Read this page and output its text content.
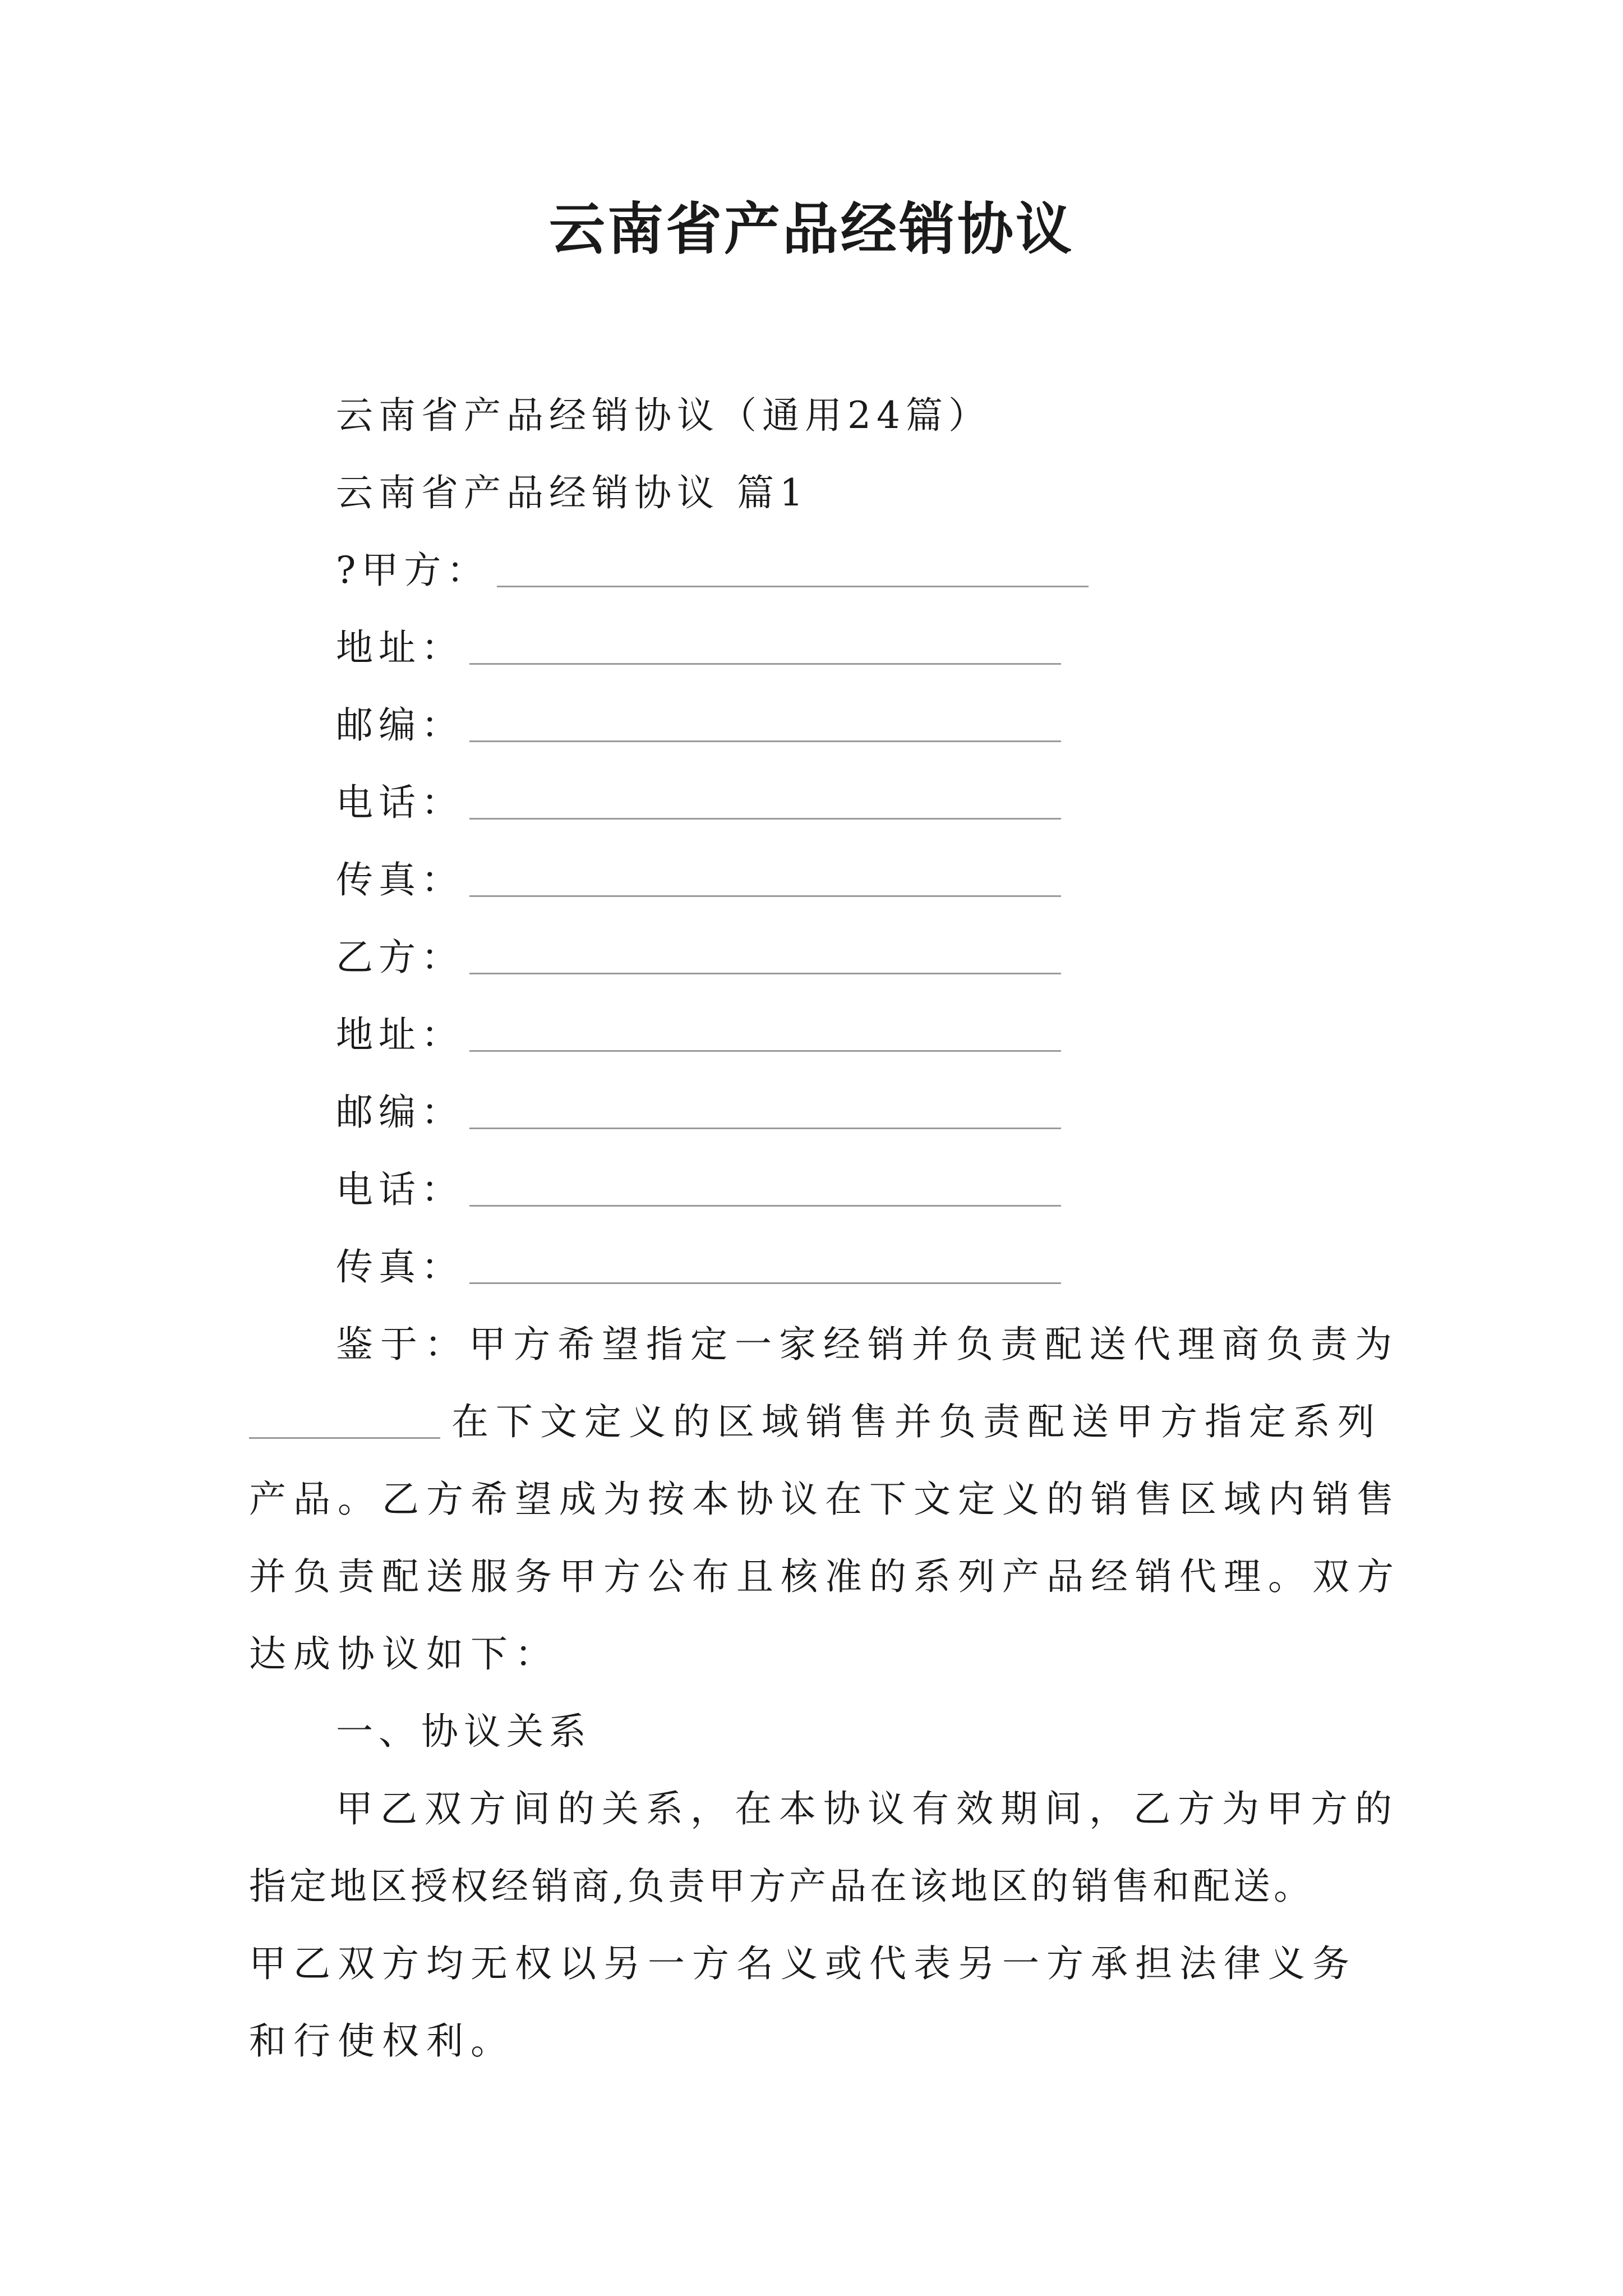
云南省产品经销协议
云南省产品经销协议（通用24篇）
云南省产品经销协议 篇1
?甲方：
地址：
邮编：
电话：
传真：
乙方：
地址：
邮编：
电话：
传真：
鉴于：甲方希望指定一家经销并负责配送代理商负责为
在下文定义的区域销售并负责配送甲方指定系列
产品。乙方希望成为按本协议在下文定义的销售区域内销售
并负责配送服务甲方公布且核准的系列产品经销代理。双方
达成协议如下：
一、协议关系
甲乙双方间的关系，在本协议有效期间，乙方为甲方的
指定地区授权经销商,负责甲方产品在该地区的销售和配送。
甲乙双方均无权以另一方名义或代表另一方承担法律义务
和行使权利。
